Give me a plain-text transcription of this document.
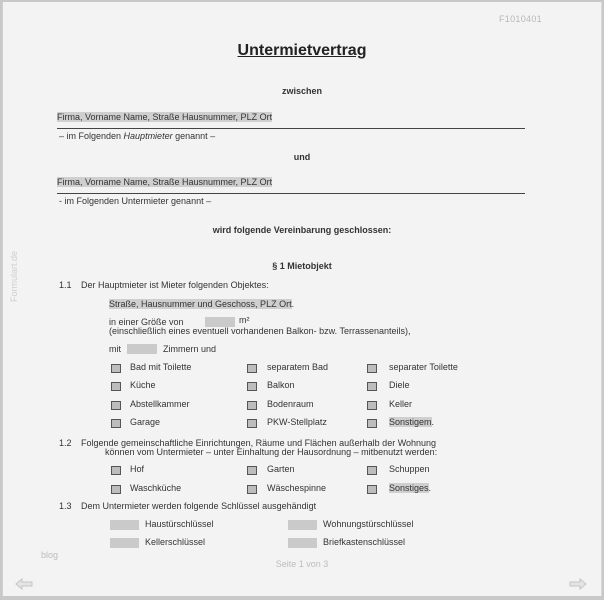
F1010401
Untermietvertrag
zwischen
Firma, Vorname Name, Straße Hausnummer, PLZ Ort
– im Folgenden Hauptmieter genannt –
und
Firma, Vorname Name, Straße Hausnummer, PLZ Ort
- im Folgenden Untermieter genannt –
wird folgende Vereinbarung geschlossen:
§ 1 Mietobjekt
1.1 Der Hauptmieter ist Mieter folgenden Objektes:
Straße, Hausnummer und Geschoss, PLZ Ort.
in einer Größe von	m²
(einschließlich eines eventuell vorhandenen Balkon- bzw. Terrassenanteils),
mit	Zimmern und
Bad mit Toilette	separatem Bad	separater Toilette
Küche	Balkon	Diele
Abstellkammer	Bodenraum	Keller
Garage	PKW-Stellplatz	Sonstigem.
1.2 Folgende gemeinschaftliche Einrichtungen, Räume und Flächen außerhalb der Wohnung
können vom Untermieter – unter Einhaltung der Hausordnung – mitbenutzt werden:
Hof	Garten	Schuppen
Waschküche	Wäschespinne	Sonstiges.
1.3 Dem Untermieter werden folgende Schlüssel ausgehändigt
Haustürschlüssel	Wohnungstürschlüssel
Kellerschlüssel	Briefkastenschlüssel
Formulart.de
blog
Seite 1 von 3
